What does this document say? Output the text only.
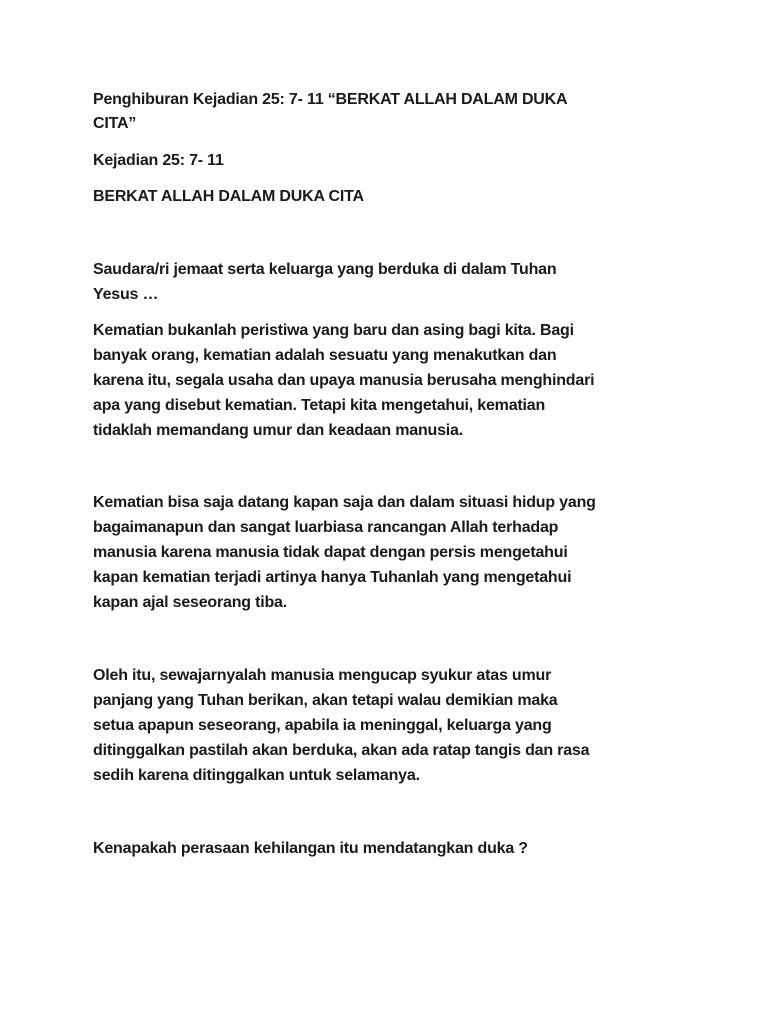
Penghiburan Kejadian 25: 7- 11 “BERKAT ALLAH DALAM DUKA
CITA”
Kejadian 25: 7- 11
BERKAT ALLAH DALAM DUKA CITA
Saudara/ri jemaat serta keluarga yang berduka di dalam Tuhan
Yesus …
Kematian bukanlah peristiwa yang baru dan asing bagi kita. Bagi
banyak orang, kematian adalah sesuatu yang menakutkan dan
karena itu, segala usaha dan upaya manusia berusaha menghindari
apa yang disebut kematian. Tetapi kita mengetahui, kematian
tidaklah memandang umur dan keadaan manusia.
Kematian bisa saja datang kapan saja dan dalam situasi hidup yang
bagaimanapun dan sangat luarbiasa rancangan Allah terhadap
manusia karena manusia tidak dapat dengan persis mengetahui
kapan kematian terjadi artinya hanya Tuhanlah yang mengetahui
kapan ajal seseorang tiba.
Oleh itu, sewajarnyalah manusia mengucap syukur atas umur
panjang yang Tuhan berikan, akan tetapi walau demikian maka
setua apapun seseorang, apabila ia meninggal, keluarga yang
ditinggalkan pastilah akan berduka, akan ada ratap tangis dan rasa
sedih karena ditinggalkan untuk selamanya.
Kenapakah perasaan kehilangan itu mendatangkan duka ?
